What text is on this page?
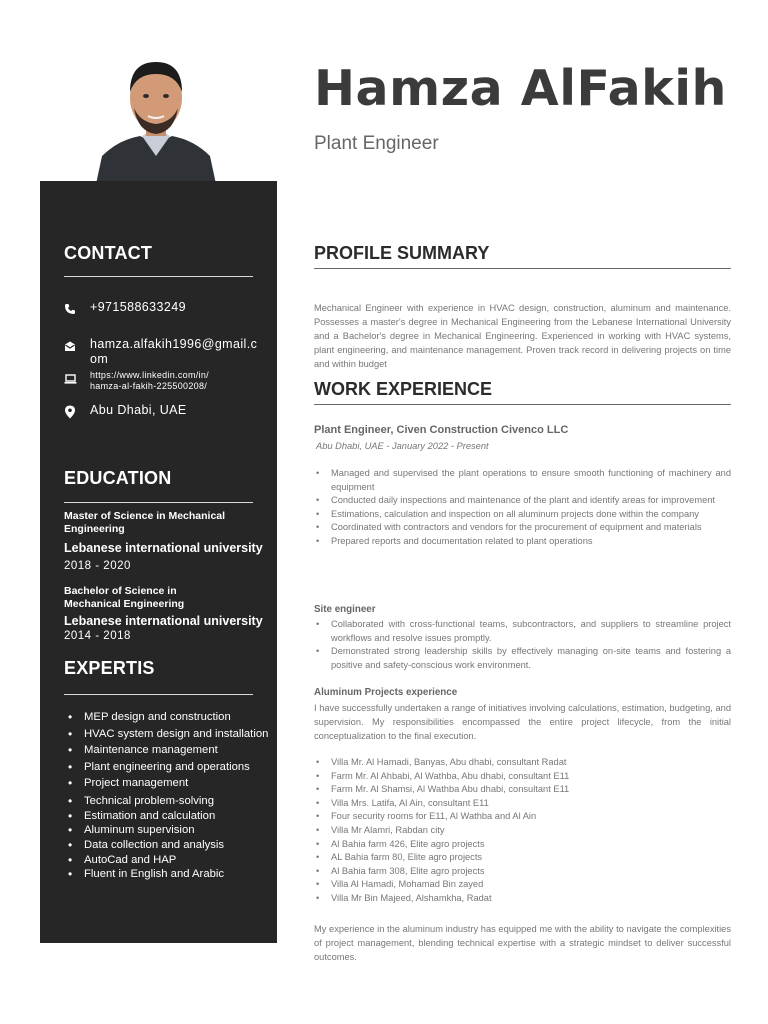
Hamza AlFakih
Plant Engineer
CONTACT
+971588633249
hamza.alfakih1996@gmail.com
https://www.linkedin.com/in/hamza-al-fakih-225500208/
Abu Dhabi, UAE
EDUCATION
Master of Science in Mechanical Engineering
Lebanese international university
2018 - 2020
Bachelor of Science in Mechanical Engineering
Lebanese international university
2014 - 2018
EXPERTIS
• MEP design and construction
• HVAC system design and installation
• Maintenance management
• Plant engineering and operations
• Project management
• Technical problem-solving
• Estimation and calculation
• Aluminum supervision
• Data collection and analysis
• AutoCad and HAP
• Fluent in English and Arabic
PROFILE SUMMARY
Mechanical Engineer with experience in HVAC design, construction, aluminum and maintenance. Possesses a master's degree in Mechanical Engineering from the Lebanese International University and a Bachelor's degree in Mechanical Engineering. Experienced in working with HVAC systems, plant engineering, and maintenance management. Proven track record in delivering projects on time and within budget
WORK EXPERIENCE
Plant Engineer, Civen Construction Civenco LLC
Abu Dhabi, UAE - January 2022 - Present
• Managed and supervised the plant operations to ensure smooth functioning of machinery and equipment
• Conducted daily inspections and maintenance of the plant and identify areas for improvement
• Estimations, calculation and inspection on all aluminum projects done within the company
• Coordinated with contractors and vendors for the procurement of equipment and materials
• Prepared reports and documentation related to plant operations
Site engineer
• Collaborated with cross-functional teams, subcontractors, and suppliers to streamline project workflows and resolve issues promptly.
• Demonstrated strong leadership skills by effectively managing on-site teams and fostering a positive and safety-conscious work environment.
Aluminum Projects experience
I have successfully undertaken a range of initiatives involving calculations, estimation, budgeting, and supervision. My responsibilities encompassed the entire project lifecycle, from the initial conceptualization to the final execution.
• Villa Mr. Al Hamadi, Banyas, Abu dhabi, consultant Radat
• Farm Mr. Al Ahbabi, Al Wathba, Abu dhabi, consultant E11
• Farm Mr. Al Shamsi, Al Wathba Abu dhabi, consultant E11
• Villa Mrs. Latifa, Al Ain, consultant E11
• Four security rooms for E11, Al Wathba and Al Ain
• Villa Mr Alamri, Rabdan city
• Al Bahia farm 426, Elite agro projects
• AL Bahia farm 80, Elite agro projects
• Al Bahia farm 308, Elite agro projects
• Villa Al Hamadi, Mohamad Bin zayed
• Villa Mr Bin Majeed, Alshamkha, Radat
My experience in the aluminum industry has equipped me with the ability to navigate the complexities of project management, blending technical expertise with a strategic mindset to deliver successful outcomes.
